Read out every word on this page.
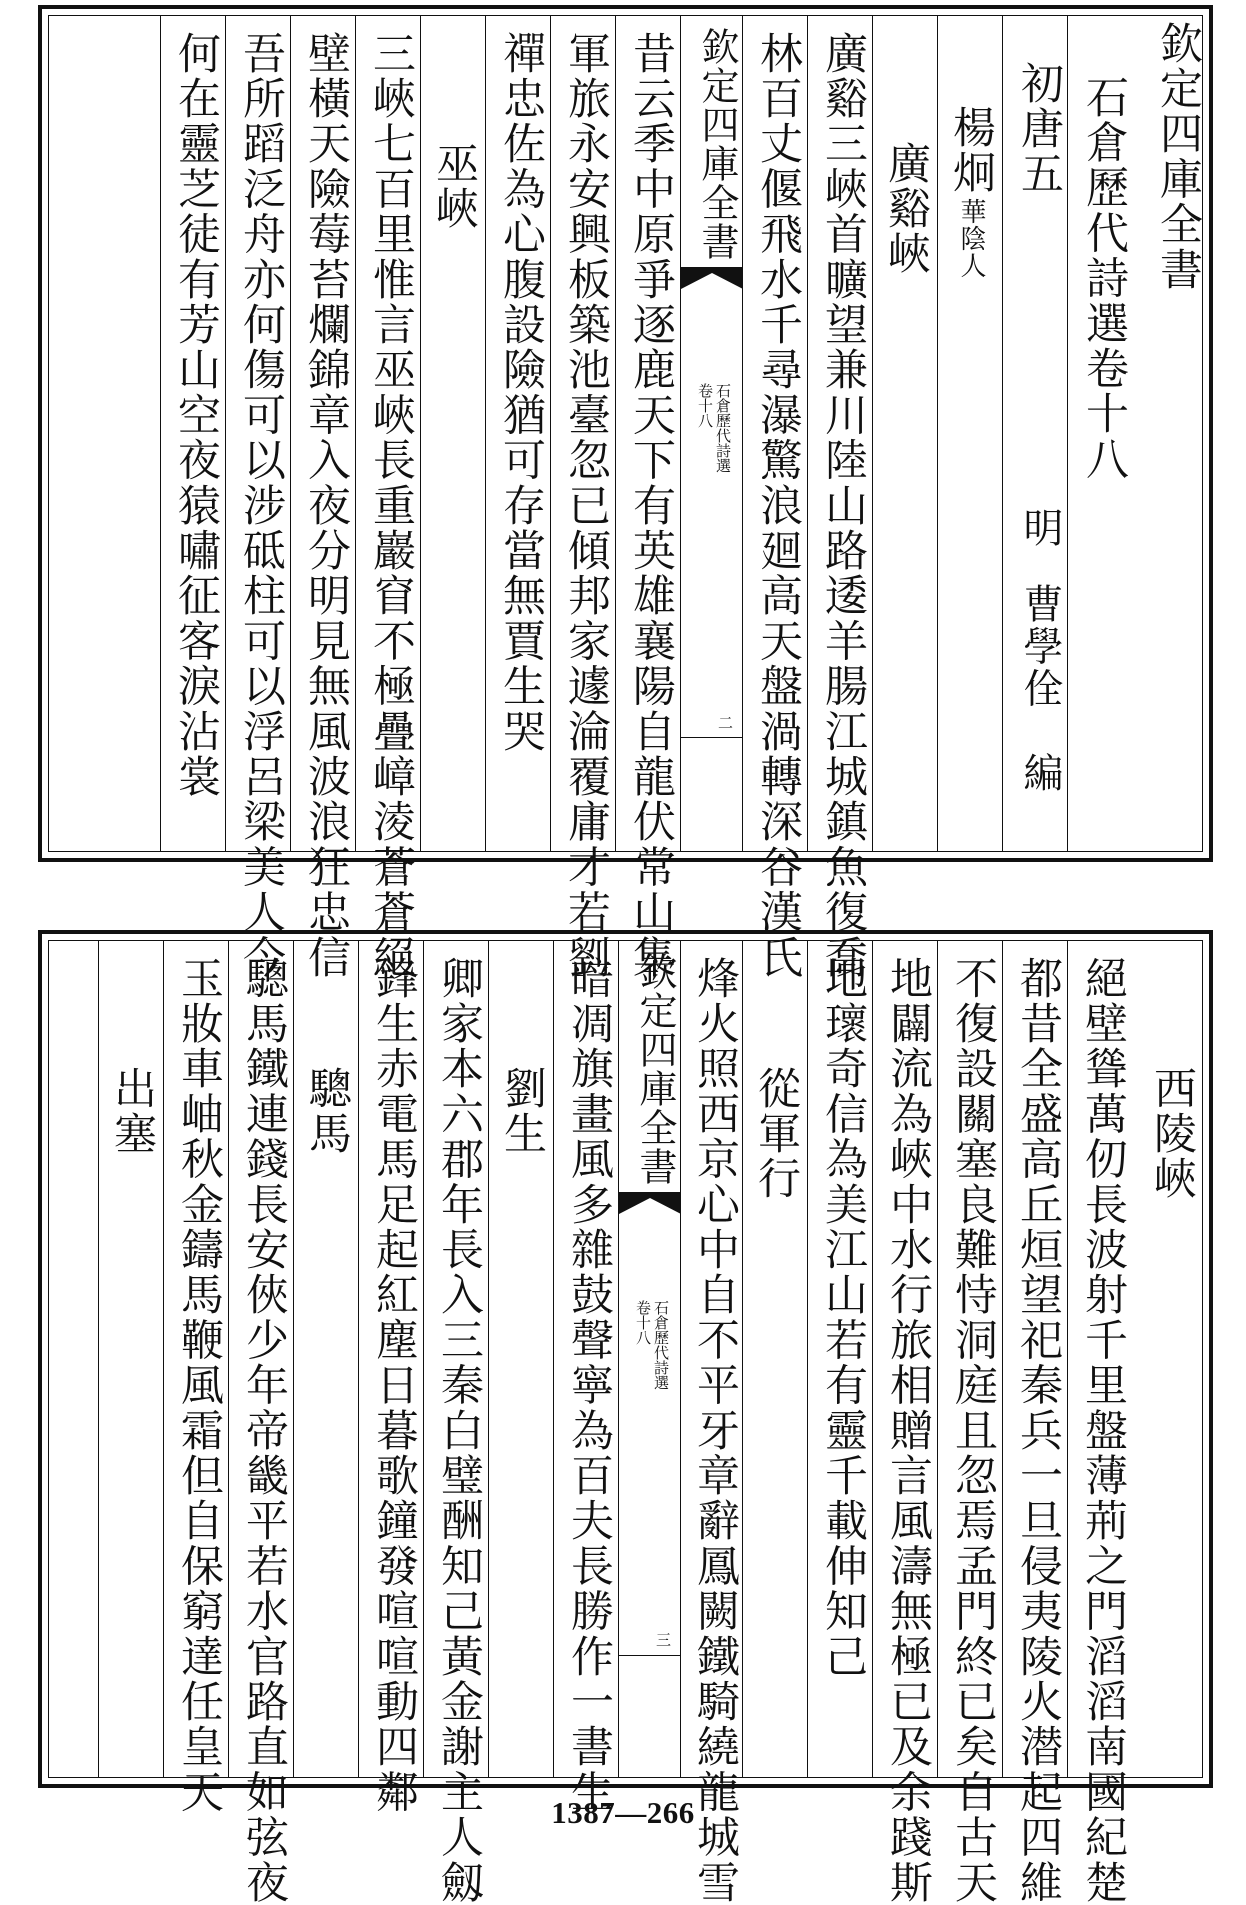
欽定四庫全書
石倉歷代詩選卷十八
初唐五
明
曹學佺　編
楊炯
華陰人
廣谿峽
廣谿三峽首曠望兼川陸山路逶羊腸江城鎮魚復喬
林百丈偃飛水千尋瀑驚浪廻高天盤渦轉深谷漢氏
欽定四庫全書
石倉歷代詩選
卷十八
二
昔云季中原爭逐鹿天下有英雄襄陽自龍伏常山集
軍旅永安興板築池臺忽已傾邦家遽淪覆庸才若劉
禪忠佐為心腹設險猶可存當無賈生哭
巫峽
三峽七百里惟言巫峽長重巖窅不極疊嶂淩蒼蒼絕
壁橫天險莓苔爛錦章入夜分明見無風波浪狂忠信
吾所蹈泛舟亦何傷可以涉砥柱可以浮呂梁美人今
何在靈芝徒有芳山空夜猿嘯征客淚沾裳
西陵峽
絕壁聳萬仞長波射千里盤薄荊之門滔滔南國紀楚
都昔全盛高丘烜望祀秦兵一旦侵夷陵火潜起四維
不復設關塞良難恃洞庭且忽焉孟門終已矣自古天
地闢流為峽中水行旅相贈言風濤無極已及余踐斯
地瓌奇信為美江山若有靈千載伸知己
從軍行
烽火照西京心中自不平牙章辭鳳闕鐵騎繞龍城雪
欽定四庫全書
石倉歷代詩選
卷十八
三
暗凋旗畫風多雜鼓聲寧為百夫長勝作一書生
劉生
卿家本六郡年長入三秦白璧酬知己黃金謝主人劔
鋒生赤電馬足起紅塵日暮歌鐘發喧喧動四鄰
驄馬
驄馬鐵連錢長安俠少年帝畿平若水官路直如弦夜
玉妝車岫秋金鑄馬鞭風霜但自保窮達任皇天
出塞
1387—266
